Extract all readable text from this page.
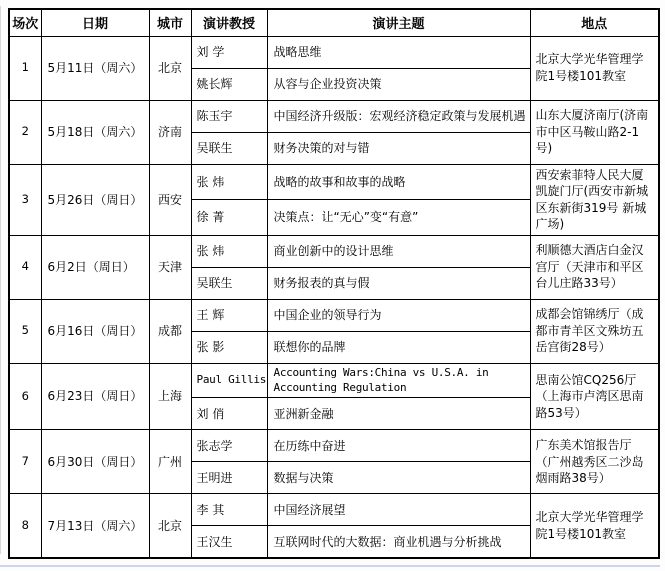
场次	日期	城市	演讲教授	演讲主题	地点
1	5月11日（周六）	北京	刘 学	战略思维	北京大学光华管理学院1号楼101教室
			姚长辉	从容与企业投资决策	
2	5月18日（周六）	济南	陈玉宇	中国经济升级版：宏观经济稳定政策与发展机遇	山东大厦济南厅(济南市中区马鞍山路2-1号)
			吴联生	财务决策的对与错	
3	5月26日（周日）	西安	张 炜	战略的故事和故事的战略	西安索菲特人民大厦凯旋门厅(西安市新城区东新街319号 新城广场)
			徐 菁	决策点：让“无心”变“有意”	
4	6月2日（周日）	天津	张 炜	商业创新中的设计思维	利顺德大酒店白金汉宫厅（天津市和平区台儿庄路33号）
			吴联生	财务报表的真与假	
5	6月16日（周日）	成都	王 辉	中国企业的领导行为	成都会馆锦绣厅（成都市青羊区文殊坊五岳宫街28号）
			张 影	联想你的品牌	
6	6月23日（周日）	上海	Paul Gillis	Accounting Wars:China vs U.S.A. in Accounting Regulation	思南公馆CQ256厅（上海市卢湾区思南路53号）
			刘 俏	亚洲新金融	
7	6月30日（周日）	广州	张志学	在历练中奋进	广东美术馆报告厅（广州越秀区二沙岛烟雨路38号）
			王明进	数据与决策	
8	7月13日（周六）	北京	李 其	中国经济展望	北京大学光华管理学院1号楼101教室
			王汉生	互联网时代的大数据：商业机遇与分析挑战	
